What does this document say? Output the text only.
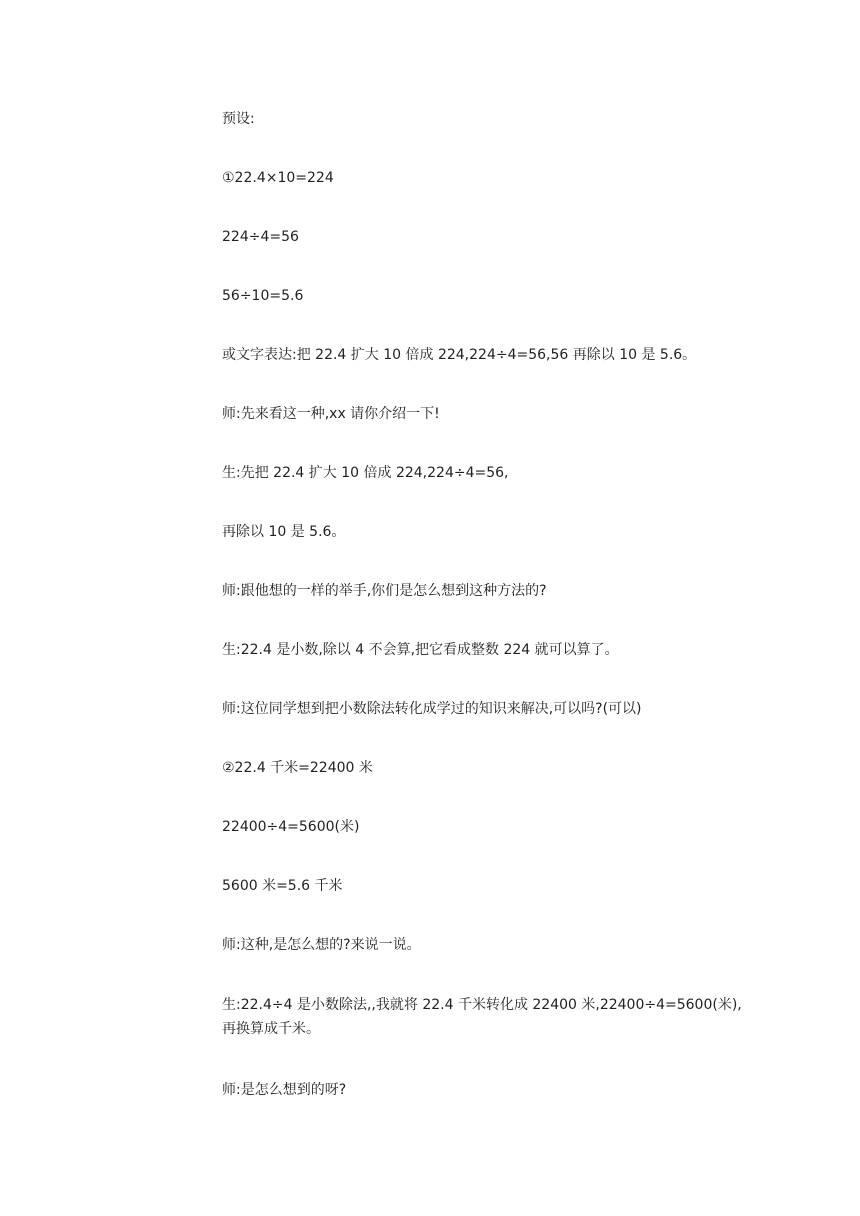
预设:

①22.4×10=224

224÷4=56

56÷10=5.6

或文字表达:把 22.4 扩大 10 倍成 224,224÷4=56,56 再除以 10 是 5.6。

师:先来看这一种,xx 请你介绍一下!

生:先把 22.4 扩大 10 倍成 224,224÷4=56,

再除以 10 是 5.6。

师:跟他想的一样的举手,你们是怎么想到这种方法的?

生:22.4 是小数,除以 4 不会算,把它看成整数 224 就可以算了。

师:这位同学想到把小数除法转化成学过的知识来解决,可以吗?(可以)

②22.4 千米=22400 米

22400÷4=5600(米)

5600 米=5.6 千米

师:这种,是怎么想的?来说一说。

生:22.4÷4 是小数除法,,我就将 22.4 千米转化成 22400 米,22400÷4=5600(米),再换算成千米。

师:是怎么想到的呀?
